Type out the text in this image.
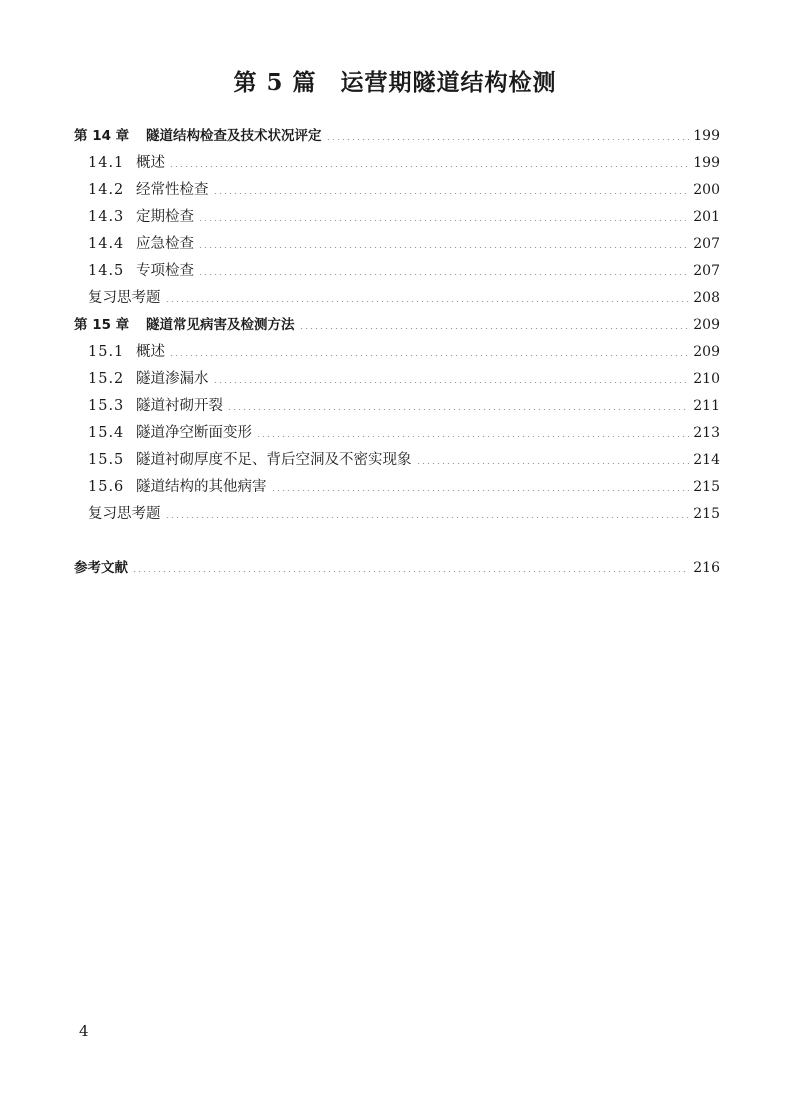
第 5 篇 运营期隧道结构检测
第 14 章	隧道结构检查及技术状况评定	199
14.1 概述	199
14.2 经常性检查	200
14.3 定期检查	201
14.4 应急检查	207
14.5 专项检查	207
复习思考题	208
第 15 章	隧道常见病害及检测方法	209
15.1 概述	209
15.2 隧道渗漏水	210
15.3 隧道衬砌开裂	211
15.4 隧道净空断面变形	213
15.5 隧道衬砌厚度不足、背后空洞及不密实现象	214
15.6 隧道结构的其他病害	215
复习思考题	215
参考文献	216
4
